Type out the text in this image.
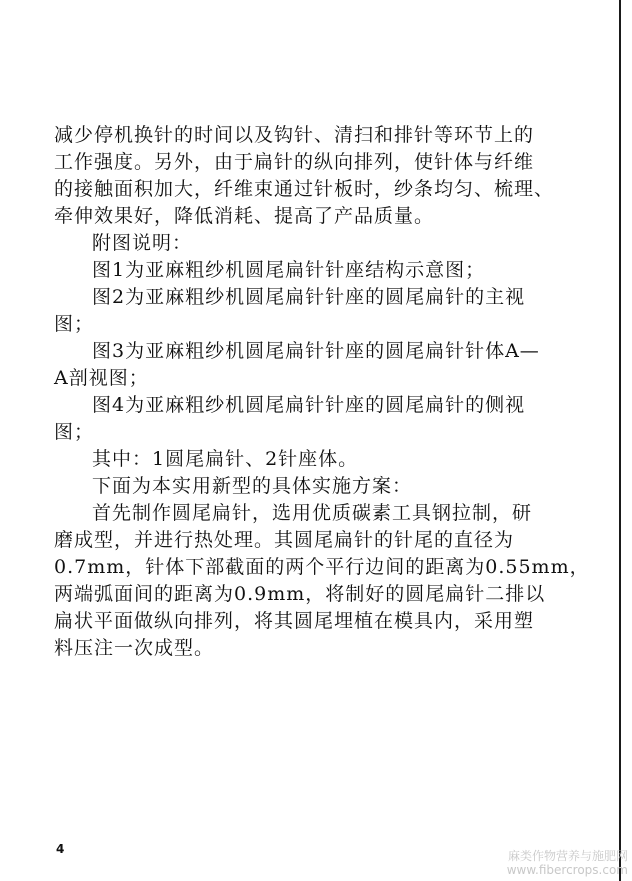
减少停机换针的时间以及钩针、清扫和排针等环节上的
工作强度。另外，由于扁针的纵向排列，使针体与纤维
的接触面积加大，纤维束通过针板时，纱条均匀、梳理、
牵伸效果好，降低消耗、提高了产品质量。
附图说明：
图1为亚麻粗纱机圆尾扁针针座结构示意图；
图2为亚麻粗纱机圆尾扁针针座的圆尾扁针的主视
图；
图3为亚麻粗纱机圆尾扁针针座的圆尾扁针针体A—
A剖视图；
图4为亚麻粗纱机圆尾扁针针座的圆尾扁针的侧视
图；
其中：1圆尾扁针、2针座体。
下面为本实用新型的具体实施方案：
首先制作圆尾扁针，选用优质碳素工具钢拉制，研
磨成型，并进行热处理。其圆尾扁针的针尾的直径为
0.7mm，针体下部截面的两个平行边间的距离为0.55mm，
两端弧面间的距离为0.9mm，将制好的圆尾扁针二排以
扁状平面做纵向排列，将其圆尾埋植在模具内，采用塑
料压注一次成型。
4	麻类作物营养与施肥网
www.fibercrops.com
